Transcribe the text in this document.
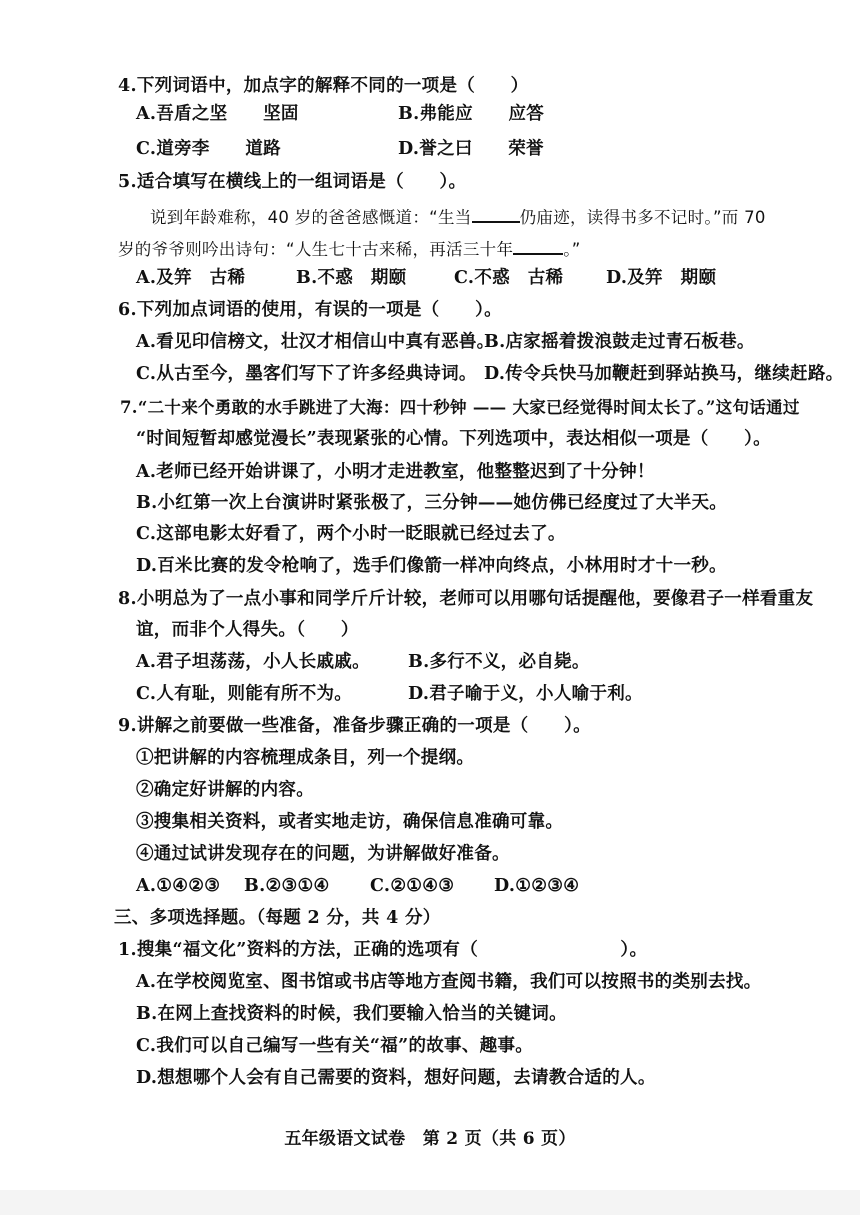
4.下列词语中，加点字的解释不同的一项是（　　）
A.吾盾之坚　　坚固	B.弗能应　　应答
C.道旁李　　道路	D.誉之曰　　荣誉
5.适合填写在横线上的一组词语是（　　）。
说到年龄难称，40 岁的爸爸感慨道：“生当	仍庙迹，读得书多不记时。”而 70
岁的爷爷则吟出诗句：“人生七十古来稀，再活三十年	。”
A.及笄　古稀	B.不惑　期颐	C.不惑　古稀 D.及笄　期颐
6.下列加点词语的使用，有误的一项是（　　）。
A.看见印信榜文，壮汉才相信山中真有恶兽。
B.店家摇着拨浪鼓走过青石板巷。
C.从古至今，墨客们写下了许多经典诗词。 D.传令兵快马加鞭赶到驿站换马，继续赶路。
7.“二十来个勇敢的水手跳进了大海：四十秒钟 —— 大家已经觉得时间太长了。”这句话通过
“时间短暂却感觉漫长”表现紧张的心情。下列选项中，表达相似一项是（　　）。
A.老师已经开始讲课了，小明才走进教室，他整整迟到了十分钟！
B.小红第一次上台演讲时紧张极了，三分钟——她仿佛已经度过了大半天。
C.这部电影太好看了，两个小时一眨眼就已经过去了。
D.百米比赛的发令枪响了，选手们像箭一样冲向终点，小林用时才十一秒。
8.小明总为了一点小事和同学斤斤计较，老师可以用哪句话提醒他，要像君子一样看重友
谊，而非个人得失。（　　）
A.君子坦荡荡，小人长戚戚。 B.多行不义，必自毙。
C.人有耻，则能有所不为。	D.君子喻于义，小人喻于利。
9.讲解之前要做一些准备，准备步骤正确的一项是（　　）。
①把讲解的内容梳理成条目，列一个提纲。
②确定好讲解的内容。
③搜集相关资料，或者实地走访，确保信息准确可靠。
④通过试讲发现存在的问题，为讲解做好准备。
A.①④②③ B.②③①④ C.②①④③ D.①②③④
三、多项选择题。（每题 2 分，共 4 分）
1.搜集“福文化”资料的方法，正确的选项有（　　　　　　　　）。
A.在学校阅览室、图书馆或书店等地方查阅书籍，我们可以按照书的类别去找。
B.在网上查找资料的时候，我们要输入恰当的关键词。
C.我们可以自己编写一些有关“福”的故事、趣事。
D.想想哪个人会有自己需要的资料，想好问题，去请教合适的人。
五年级语文试卷　第 2 页（共 6 页）
